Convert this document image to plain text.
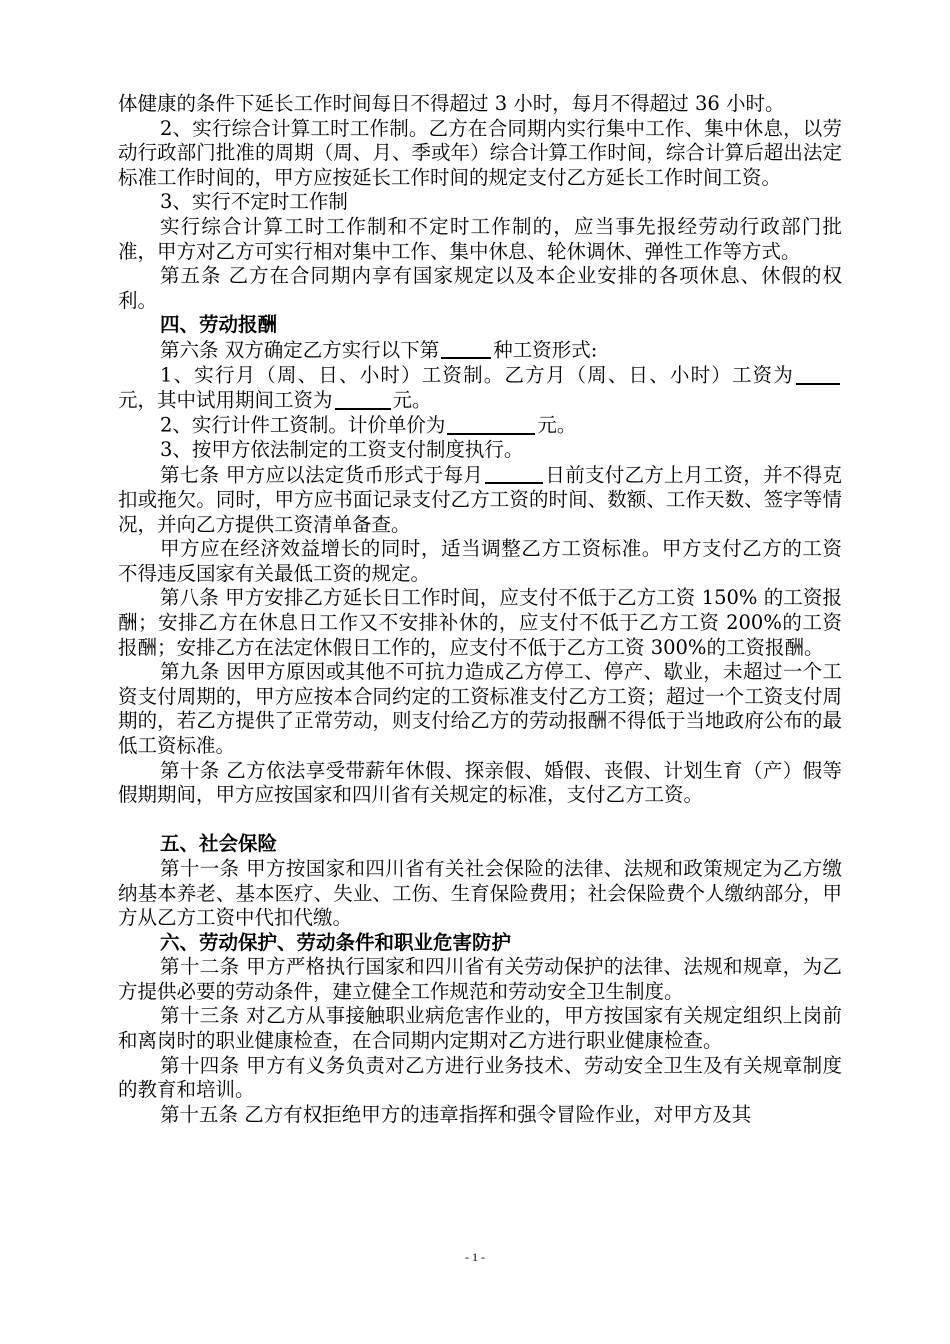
体健康的条件下延长工作时间每日不得超过 3 小时，每月不得超过 36 小时。
2、实行综合计算工时工作制。乙方在合同期内实行集中工作、集中休息，以劳动行政部门批准的周期（周、月、季或年）综合计算工作时间，综合计算后超出法定标准工作时间的，甲方应按延长工作时间的规定支付乙方延长工作时间工资。
3、实行不定时工作制
实行综合计算工时工作制和不定时工作制的，应当事先报经劳动行政部门批准，甲方对乙方可实行相对集中工作、集中休息、轮休调休、弹性工作等方式。
第五条 乙方在合同期内享有国家规定以及本企业安排的各项休息、休假的权利。
四、劳动报酬
第六条 双方确定乙方实行以下第	种工资形式:
1、实行月（周、日、小时）工资制。乙方月（周、日、小时）工资为元，其中试用期间工资为	元。
2、实行计件工资制。计价单价为	元。
3、按甲方依法制定的工资支付制度执行。
第七条 甲方应以法定货币形式于每月	日前支付乙方上月工资，并不得克扣或拖欠。同时，甲方应书面记录支付乙方工资的时间、数额、工作天数、签字等情况，并向乙方提供工资清单备查。
甲方应在经济效益增长的同时，适当调整乙方工资标准。甲方支付乙方的工资不得违反国家有关最低工资的规定。
第八条 甲方安排乙方延长日工作时间，应支付不低于乙方工资 150% 的工资报酬；安排乙方在休息日工作又不安排补休的，应支付不低于乙方工资 200%的工资报酬；安排乙方在法定休假日工作的，应支付不低于乙方工资 300%的工资报酬。
第九条 因甲方原因或其他不可抗力造成乙方停工、停产、歇业，未超过一个工资支付周期的，甲方应按本合同约定的工资标准支付乙方工资；超过一个工资支付周期的，若乙方提供了正常劳动，则支付给乙方的劳动报酬不得低于当地政府公布的最低工资标准。
第十条 乙方依法享受带薪年休假、探亲假、婚假、丧假、计划生育（产）假等假期期间，甲方应按国家和四川省有关规定的标准，支付乙方工资。
五、社会保险
第十一条 甲方按国家和四川省有关社会保险的法律、法规和政策规定为乙方缴纳基本养老、基本医疗、失业、工伤、生育保险费用；社会保险费个人缴纳部分，甲方从乙方工资中代扣代缴。
六、劳动保护、劳动条件和职业危害防护
第十二条 甲方严格执行国家和四川省有关劳动保护的法律、法规和规章，为乙方提供必要的劳动条件，建立健全工作规范和劳动安全卫生制度。
第十三条 对乙方从事接触职业病危害作业的，甲方按国家有关规定组织上岗前和离岗时的职业健康检查，在合同期内定期对乙方进行职业健康检查。
第十四条 甲方有义务负责对乙方进行业务技术、劳动安全卫生及有关规章制度的教育和培训。
第十五条 乙方有权拒绝甲方的违章指挥和强令冒险作业，对甲方及其
- 1 -
